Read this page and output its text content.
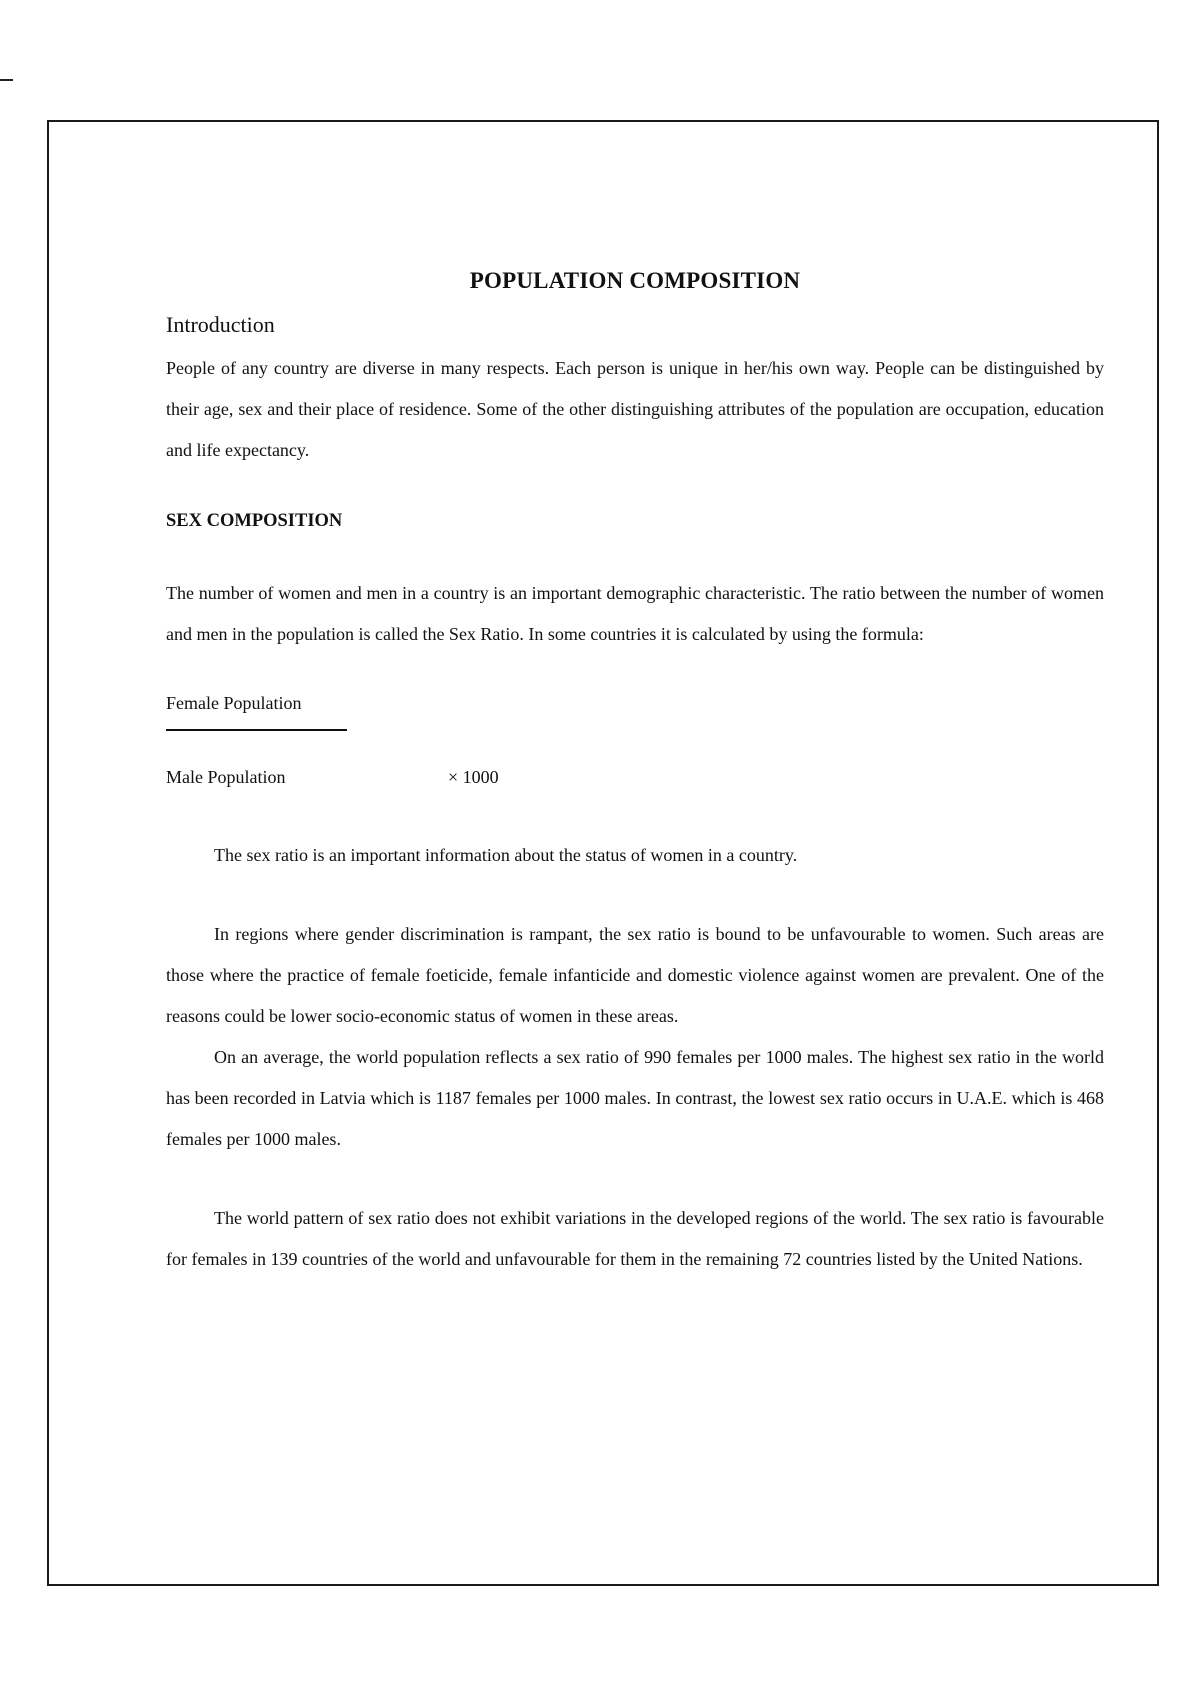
POPULATION COMPOSITION
Introduction

People of any country are diverse in many respects. Each person is unique in her/his own way. People can be distinguished by their age, sex and their place of residence. Some of the other distinguishing attributes of the population are occupation, education and life expectancy.

SEX COMPOSITION

The number of women and men in a country is an important demographic characteristic. The ratio between the number of women and men in the population is called the Sex Ratio. In some countries it is calculated by using the formula:

Female Population
Male Population	× 1000

The sex ratio is an important information about the status of women in a country.

In regions where gender discrimination is rampant, the sex ratio is bound to be unfavourable to women. Such areas are those where the practice of female foeticide, female infanticide and domestic violence against women are prevalent. One of the reasons could be lower socio-economic status of women in these areas.

On an average, the world population reflects a sex ratio of 990 females per 1000 males. The highest sex ratio in the world has been recorded in Latvia which is 1187 females per 1000 males. In contrast, the lowest sex ratio occurs in U.A.E. which is 468 females per 1000 males.

The world pattern of sex ratio does not exhibit variations in the developed regions of the world. The sex ratio is favourable for females in 139 countries of the world and unfavourable for them in the remaining 72 countries listed by the United Nations.
